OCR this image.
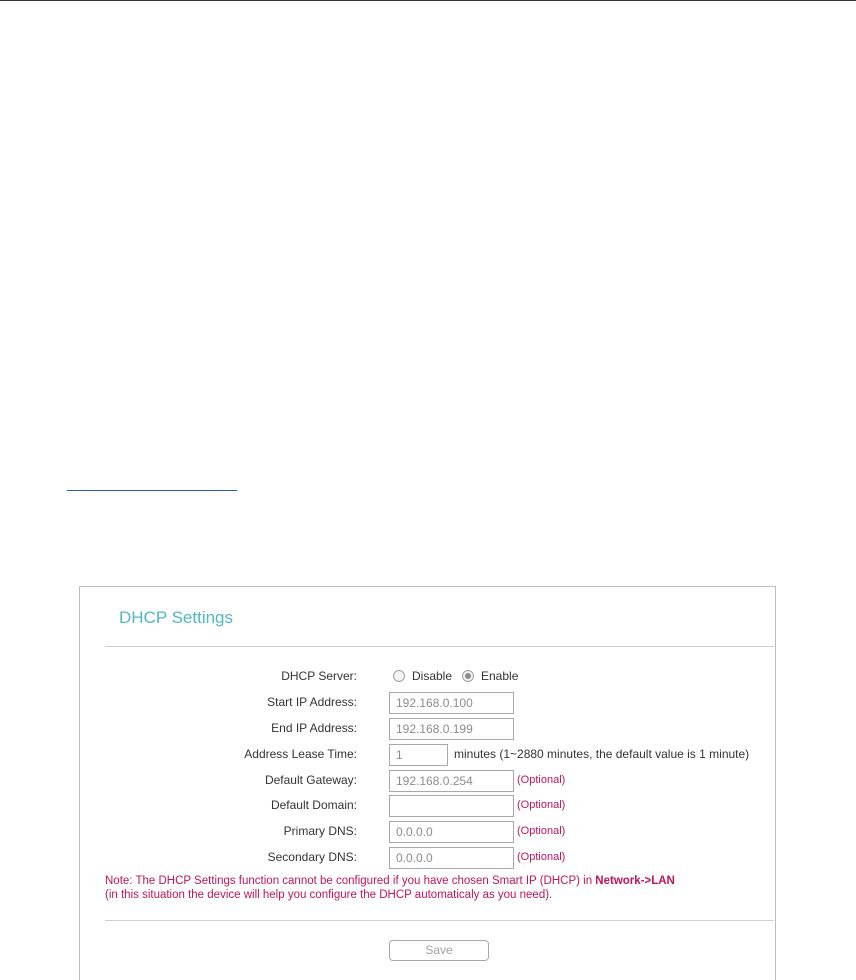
DHCP Settings
DHCP Server:	Disable Enable
Start IP Address:
192.168.0.100
End IP Address:
192.168.0.199
Address Lease Time:
1	minutes (1~2880 minutes, the default value is 1 minute)
Default Gateway:
192.168.0.254	(Optional)
Default Domain:	(Optional)
Primary DNS:
0.0.0.0	(Optional)
Secondary DNS:
0.0.0.0	(Optional)
Note: The DHCP Settings function cannot be configured if you have chosen Smart IP (DHCP) in Network->LAN
(in this situation the device will help you configure the DHCP automaticaly as you need).
Save
